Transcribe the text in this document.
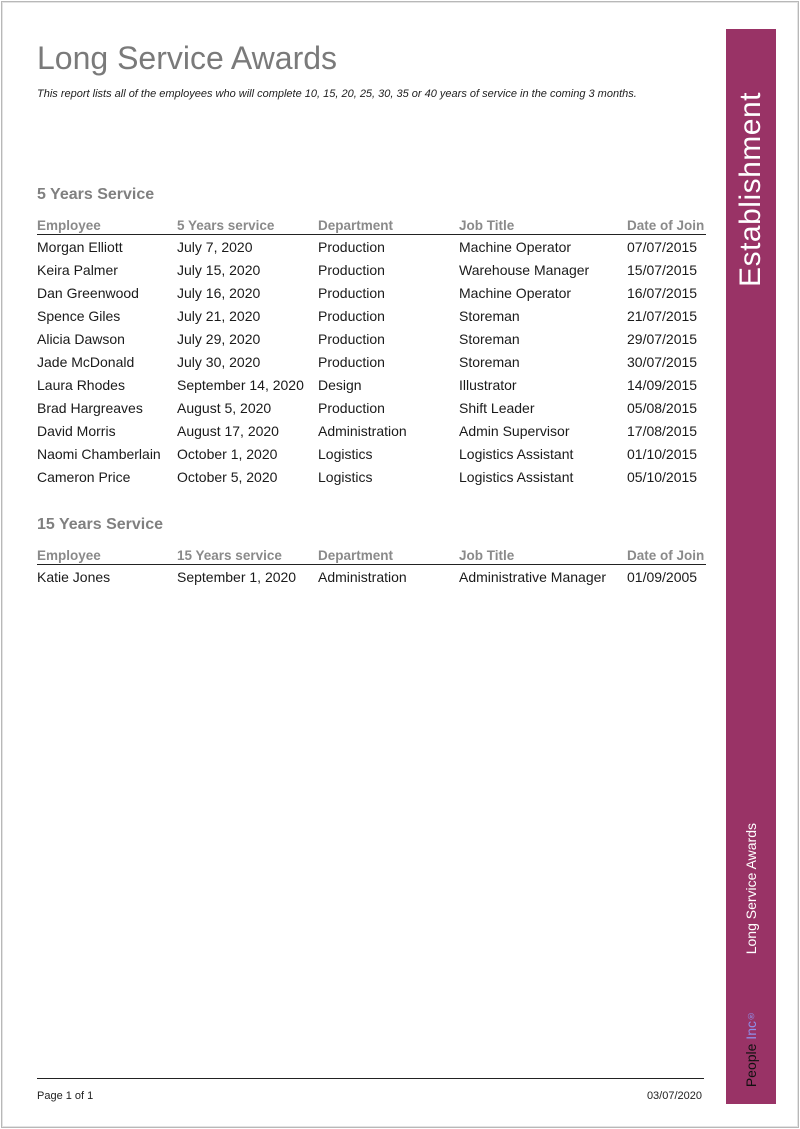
Long Service Awards

This report lists all of the employees who will complete 10, 15, 20, 25, 30, 35 or 40 years of service in the coming 3 months.

5 Years Service
Employee	5 Years service	Department	Job Title	Date of Join
Morgan Elliott	July 7, 2020	Production	Machine Operator	07/07/2015
Keira Palmer	July 15, 2020	Production	Warehouse Manager	15/07/2015
Dan Greenwood	July 16, 2020	Production	Machine Operator	16/07/2015
Spence Giles	July 21, 2020	Production	Storeman	21/07/2015
Alicia Dawson	July 29, 2020	Production	Storeman	29/07/2015
Jade McDonald	July 30, 2020	Production	Storeman	30/07/2015
Laura Rhodes	September 14, 2020	Design	Illustrator	14/09/2015
Brad Hargreaves	August 5, 2020	Production	Shift Leader	05/08/2015
David Morris	August 17, 2020	Administration	Admin Supervisor	17/08/2015
Naomi Chamberlain	October 1, 2020	Logistics	Logistics Assistant	01/10/2015
Cameron Price	October 5, 2020	Logistics	Logistics Assistant	05/10/2015
15 Years Service
Employee	15 Years service	Department	Job Title	Date of Join
Katie Jones	September 1, 2020	Administration	Administrative Manager	01/09/2005
Page 1 of 1	03/07/2020
Establishment
Long Service Awards
People Inc®
